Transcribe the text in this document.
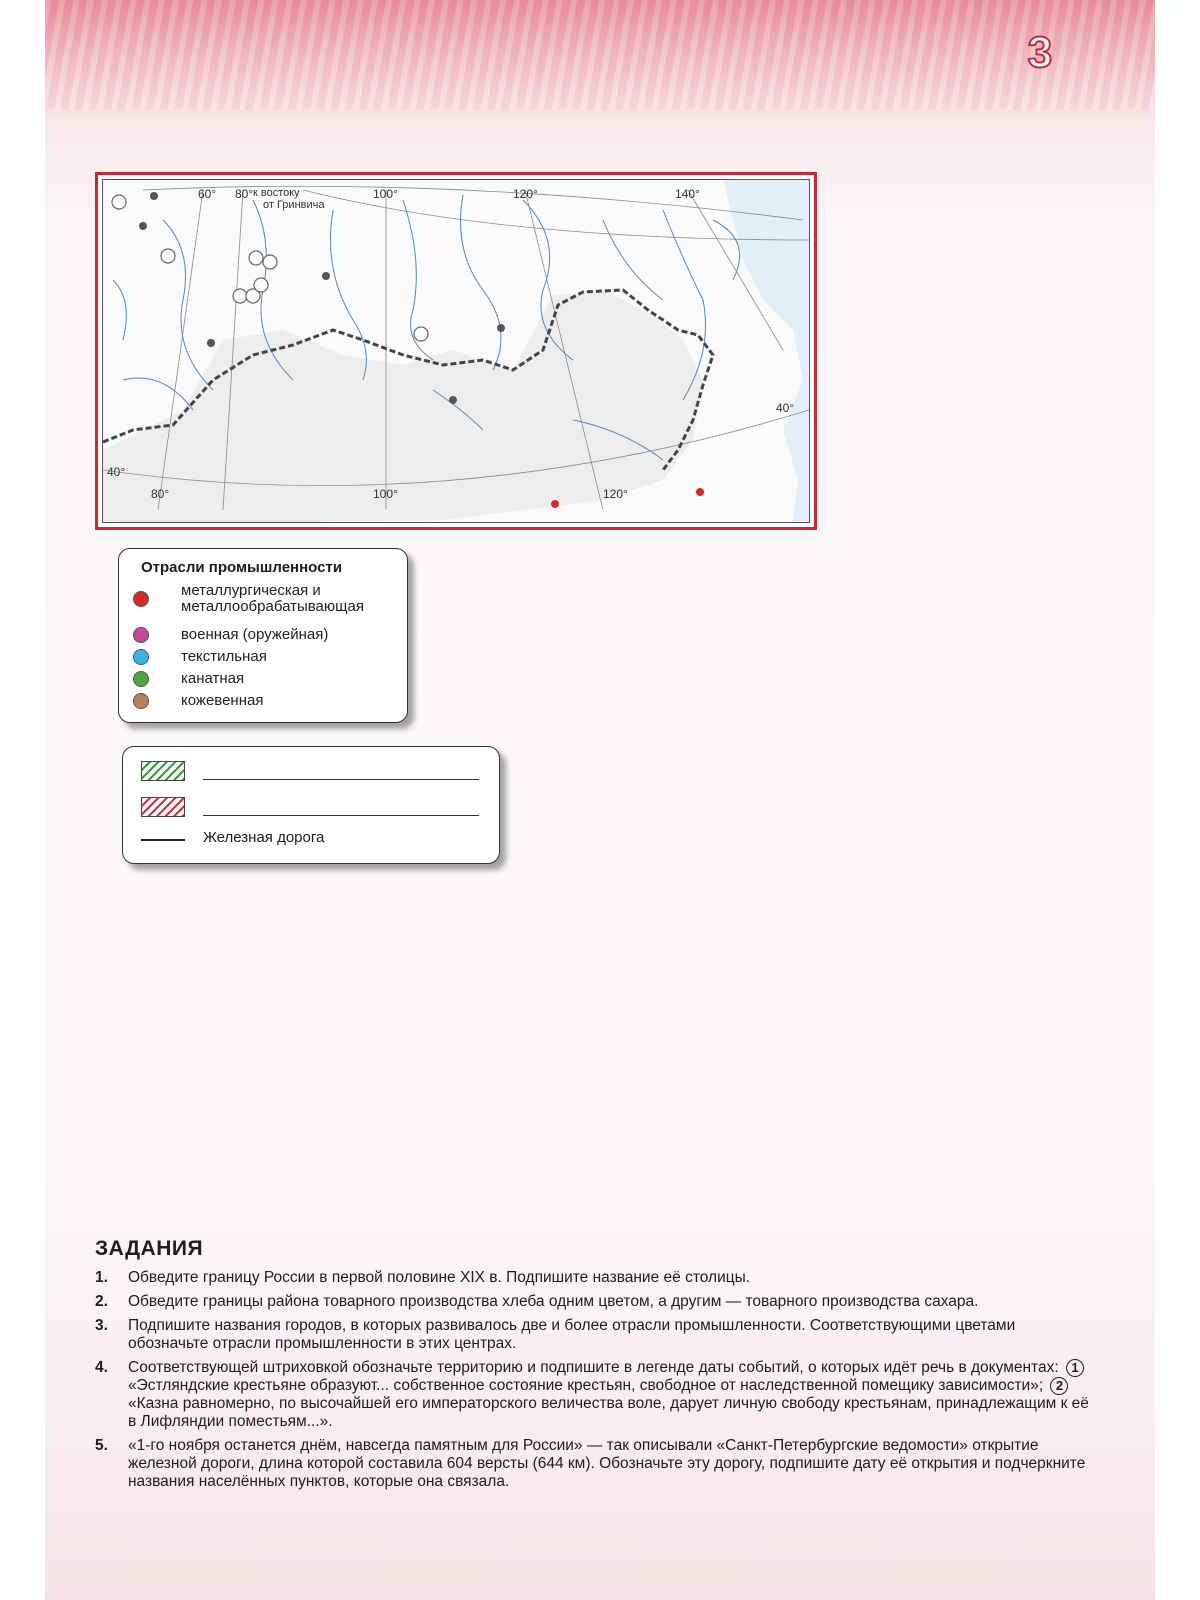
3
60° 80° к востоку
от Гринвича
100°	120°	140°
40°
40°
80°	100°	120°
Отрасли промышленности
металлургическая и
металлообрабатывающая
военная (оружейная)
текстильная
канатная
кожевенная
Железная дорога
ЗАДАНИЯ
1. Обведите границу России в первой половине XIX в. Подпишите название её столицы.
2. Обведите границы района товарного производства хлеба одним цветом, а другим — товарного производства сахара.
3. Подпишите названия городов, в которых развивалось две и более отрасли промышленности. Соответствующими цветами обозначьте отрасли промышленности в этих центрах.
4. Соответствующей штриховкой обозначьте территорию и подпишите в легенде даты событий, о которых идёт речь в документах: 1 «Эстляндские крестьяне образуют... собственное состояние крестьян, свободное от наследственной помещику зависимости»; 2 «Казна равномерно, по высочайшей его императорского величества воле, дарует личную свободу крестьянам, принадлежащим к её в Лифляндии поместьям...».
5. «1-го ноября останется днём, навсегда памятным для России» — так описывали «Санкт-Петербургские ведомости» открытие железной дороги, длина которой составила 604 версты (644 км). Обозначьте эту дорогу, подпишите дату её открытия и подчеркните названия населённых пунктов, которые она связала.
